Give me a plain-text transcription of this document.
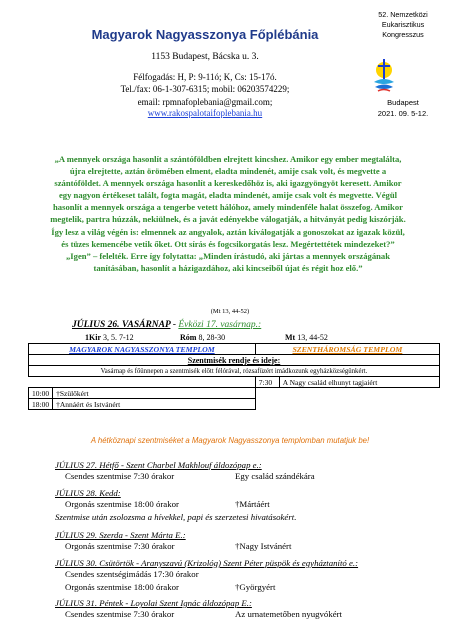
Magyarok Nagyasszonya Főplébánia
1153 Budapest, Bácska u. 3.
Félfogadás: H, P: 9-11ó; K, Cs: 15-17ó.
Tel./fax: 06-1-307-6315; mobil: 06203574229;
email: rpmnafoplebania@gmail.com;
www.rakospalotaifoplebania.hu
52. Nemzetközi
Eukarisztikus
Kongresszus
Budapest
2021. 09. 5-12.
„A mennyek országa hasonlít a szántóföldben elrejtett kincshez. Amikor egy ember megtalálta, újra elrejtette, aztán örömében elment, eladta mindenét, amije csak volt, és megvette a szántóföldet. A mennyek országa hasonlít a kereskedőhöz is, aki igazgyöngyöt keresett. Amikor egy nagyon értékeset talált, fogta magát, eladta mindenét, amije csak volt és megvette. Végül hasonlít a mennyek országa a tengerbe vetett hálóhoz, amely mindenféle halat összefog. Amikor megtelik, partra húzzák, nekiülnek, és a javát edényekbe válogatják, a hitványát pedig kiszórják. Így lesz a világ végén is: elmennek az angyalok, aztán kiválogatják a gonoszokat az igazak közül, és tüzes kemencébe vetik őket. Ott sírás és fogcsikorgatás lesz. Megértettétek mindezeket?” „Igen” – felelték. Erre így folytatta: „Minden írástudó, aki jártas a mennyek országának tanításában, hasonlít a házigazdához, aki kincseiből újat és régit hoz elő.”
(Mt 13, 44-52)
JÚLIUS 26. VASÁRNAP - Évközi 17. vasárnap.:
1Kir 3, 5. 7-12	Róm 8, 28-30	Mt 13, 44-52
MAGYAROK NAGYASSZONYA TEMPLOM		SZENTHÁROMSÁG TEMPLOM	
Szentmisék rendje és ideje:			
Vasárnap és főünnepen a szentmisék előtt félórával, rózsafüzért imádkozunk egyházközségünkért.			
		7:30	A Nagy család elhunyt tagjaiért
10:00	†Szülőkért		
18:00	†Annáért és Istvánért		
A hétköznapi szentmiséket a Magyarok Nagyasszonya templomban mutatjuk be!
JÚLIUS 27. Hétfő - Szent Charbel Makhlouf áldozópap e.:
Csendes szentmise 7:30 órakor	Egy család szándékára
JÚLIUS 28. Kedd:
Orgonás szentmise 18:00 órakor	†Mártáért
Szentmise után zsolozsma a hívekkel, papi és szerzetesi hivatásokért.
JÚLIUS 29. Szerda - Szent Márta E.:
Orgonás szentmise 7:30 órakor	†Nagy Istvánért
JÚLIUS 30. Csütörtök - Aranyszavú (Krizológ) Szent Péter püspök és egyháztanító e.:
Csendes szentségimádás 17:30 órakor
Orgonás szentmise 18:00 órakor	†Györgyért
JÚLIUS 31. Péntek - Loyolai Szent Ignác áldozópap E.:
Csendes szentmise 7:30 órakor	Az urnatemetőben nyugvókért
